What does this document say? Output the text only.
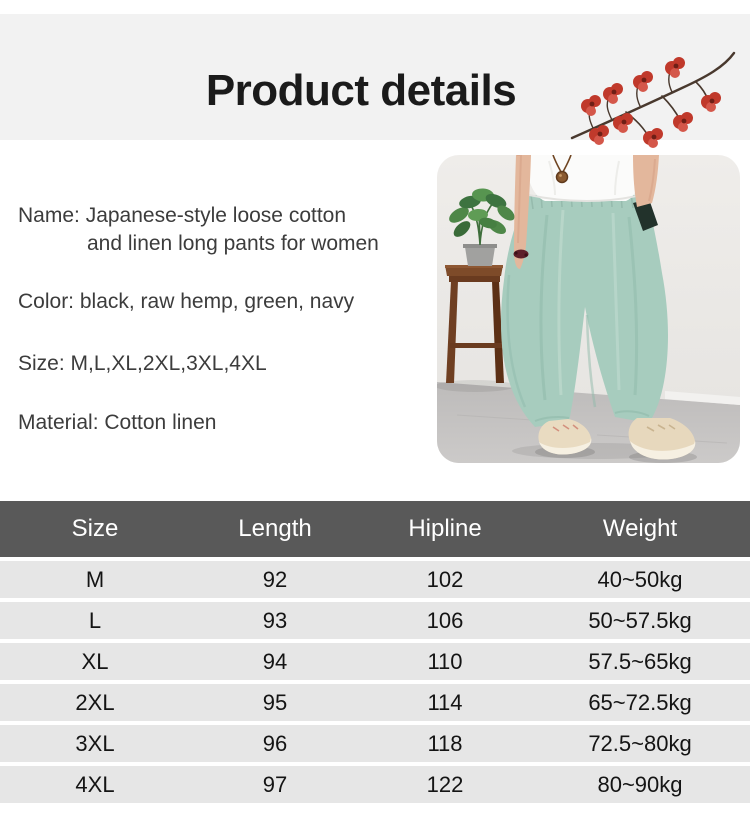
Product details

Name: Japanese-style loose cotton

and linen long pants for women

Color: black, raw hemp, green, navy

Size: M,L,XL,2XL,3XL,4XL

Material: Cotton linen

Size	Length	Hipline	Weight
M	92	102	40~50kg
L	93	106	50~57.5kg
XL	94	110	57.5~65kg
2XL	95	114	65~72.5kg
3XL	96	118	72.5~80kg
4XL	97	122	80~90kg
